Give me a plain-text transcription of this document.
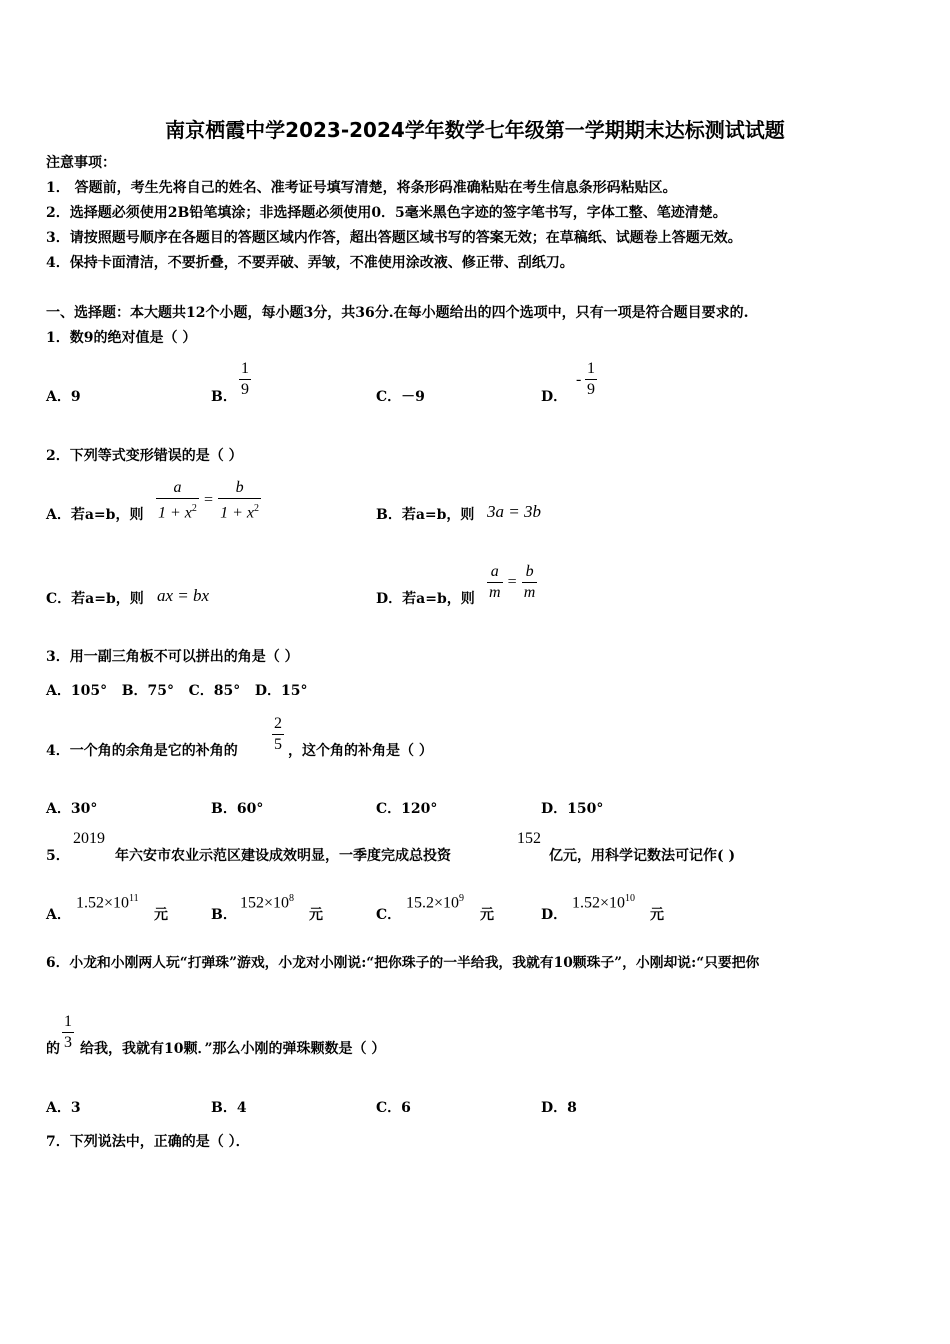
南京栖霞中学2023-2024学年数学七年级第一学期期末达标测试试题
注意事项：
1． 答题前，考生先将自己的姓名、准考证号填写清楚，将条形码准确粘贴在考生信息条形码粘贴区。
2．选择题必须使用2B铅笔填涂；非选择题必须使用0．5毫米黑色字迹的签字笔书写，字体工整、笔迹清楚。
3．请按照题号顺序在各题目的答题区域内作答，超出答题区域书写的答案无效；在草稿纸、试题卷上答题无效。
4．保持卡面清洁，不要折叠，不要弄破、弄皱，不准使用涂改液、修正带、刮纸刀。
一、选择题：本大题共12个小题，每小题3分，共36分.在每小题给出的四个选项中，只有一项是符合题目要求的.
1．数9的绝对值是（ ）
A．9	B． $\frac{1}{9}$	C．－9	D．
- $\frac{1}{9}$
2．下列等式变形错误的是（ ）
A．若a=b，则 $\frac{a}{1 + x^2} = \frac{b}{1 + x^2}$	B．若a=b，则 3a = 3b
C．若a=b，则 ax = bx	D．若a=b，则 $\frac{a}{m} = \frac{b}{m}$
3．用一副三角板不可以拼出的角是（ ）
A．105°   B．75°   C．85°   D．15°
4．一个角的余角是它的补角的 $\frac{2}{5}$ ，这个角的补角是（ ）
A．30°	B．60°	C．120°	D．150°
5．
2019
年六安市农业示范区建设成效明显，一季度完成总投资
152
亿元，用科学记数法可记作( )
A．
$1.52\times 10^{11}$
元	B．
$152\times 10^8$
元	C．
$15.2\times 10^9$
元	D．
$1.52\times 10^{10}$
元
6．小龙和小刚两人玩“打弹珠”游戏，小龙对小刚说:“把你珠子的一半给我，我就有10颗珠子”，小刚却说:“只要把你
的 $\frac{1}{3}$ 给我，我就有10颗．”那么小刚的弹珠颗数是（ ）
A．3	B．4	C．6	D．8
7．下列说法中，正确的是（ ）．
